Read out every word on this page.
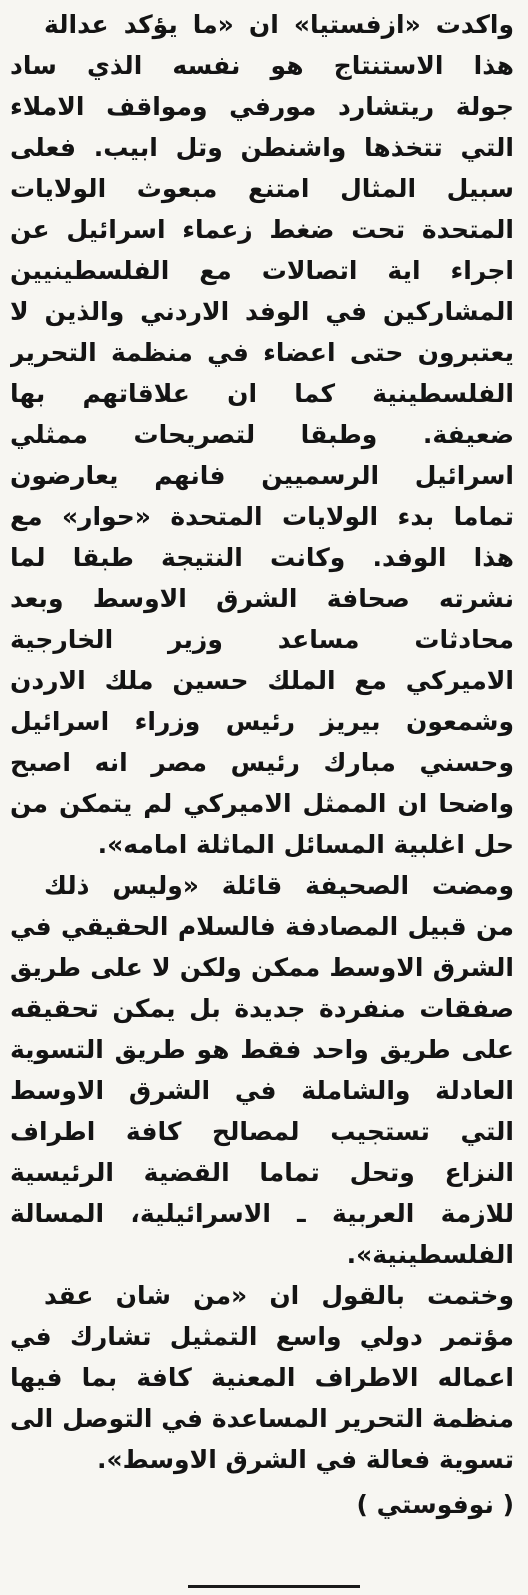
واكدت «ازفستيا» ان «ما يؤكد عدالة
هذا الاستنتاج هو نفسه الذي ساد
جولة ريتشارد مورفي ومواقف الاملاء
التي تتخذها واشنطن وتل ابيب. فعلى
سبيل المثال امتنع مبعوث الولايات
المتحدة تحت ضغط زعماء اسرائيل عن
اجراء اية اتصالات مع الفلسطينيين
المشاركين في الوفد الاردني والذين لا
يعتبرون حتى اعضاء في منظمة التحرير
الفلسطينية كما ان علاقاتهم بها
ضعيفة. وطبقا لتصريحات ممثلي
اسرائيل الرسميين فانهم يعارضون
تماما بدء الولايات المتحدة «حوار» مع
هذا الوفد. وكانت النتيجة طبقا لما
نشرته صحافة الشرق الاوسط وبعد
محادثات مساعد وزير الخارجية
الاميركي مع الملك حسين ملك الاردن
وشمعون بيريز رئيس وزراء اسرائيل
وحسني مبارك رئيس مصر انه اصبح
واضحا ان الممثل الاميركي لم يتمكن من
حل اغلبية المسائل الماثلة امامه».
ومضت الصحيفة قائلة «وليس ذلك
من قبيل المصادفة فالسلام الحقيقي في
الشرق الاوسط ممكن ولكن لا على طريق
صفقات منفردة جديدة بل يمكن تحقيقه
على طريق واحد فقط هو طريق التسوية
العادلة والشاملة في الشرق الاوسط
التي تستجيب لمصالح كافة اطراف
النزاع وتحل تماما القضية الرئيسية
للازمة العربية ـ الاسرائيلية، المسالة
الفلسطينية».
وختمت بالقول ان «من شان عقد
مؤتمر دولي واسع التمثيل تشارك في
اعماله الاطراف المعنية كافة بما فيها
منظمة التحرير المساعدة في التوصل الى
تسوية فعالة في الشرق الاوسط».
( نوفوستي )
